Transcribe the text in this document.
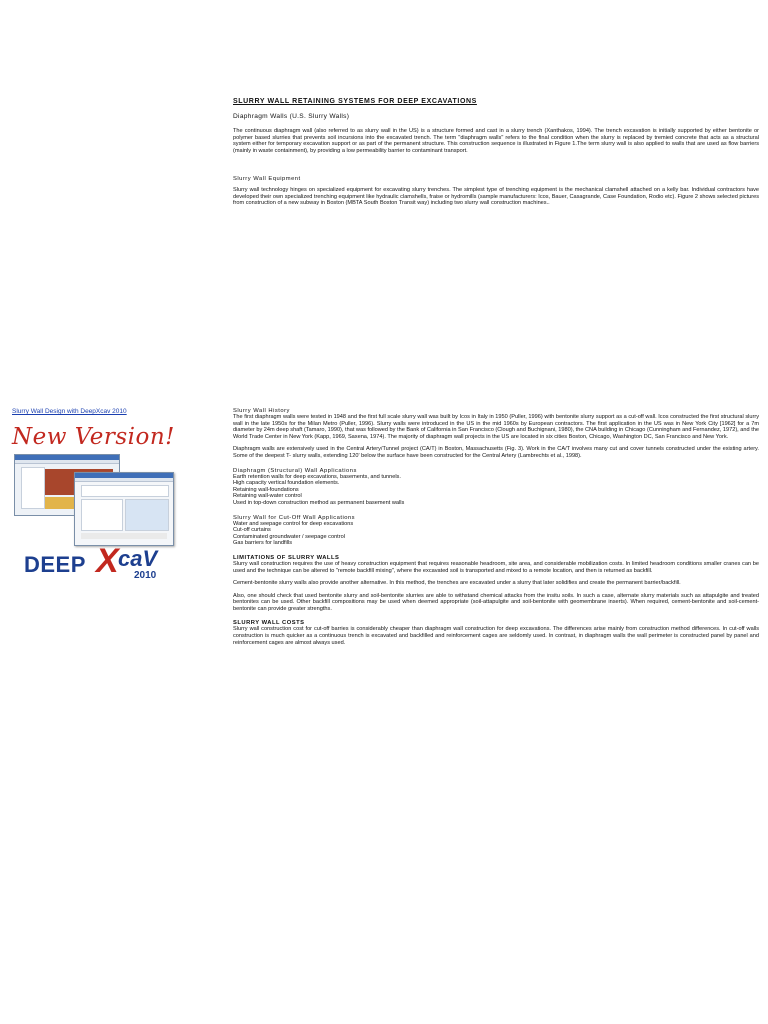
SLURRY WALL RETAINING SYSTEMS FOR DEEP EXCAVATIONS

Diaphragm Walls (U.S. Slurry Walls)

The continuous diaphragm wall (also referred to as slurry wall in the US) is a structure formed and cast in a slurry trench (Xanthakos, 1994). The trench excavation is initially supported by either bentonite or polymer based slurries that prevents soil incursions into the excavated trench. The term "diaphragm walls" refers to the final condition when the slurry is replaced by tremied concrete that acts as a structural system either for temporary excavation support or as part of the permanent structure. This construction sequence is illustrated in Figure 1.The term slurry wall is also applied to walls that are used as flow barriers (mainly in waste containment), by providing a low permeability barrier to contaminant transport.

Slurry Wall Equipment

Slurry wall technology hinges on specialized equipment for excavating slurry trenches. The simplest type of trenching equipment is the mechanical clamshell attached on a kelly bar. Individual contractors have developed their own specialized trenching equipment like hydraulic clamshells, fraise or hydromills (sample manufacturers: Icos, Bauer, Casagrande, Case Foundation, Rodio etc). Figure 2 shows selected pictures from construction of a new subway in Boston (MBTA South Boston Transit way) including two slurry wall construction machines..

Slurry Wall History

The first diaphragm walls were tested in 1948 and the first full scale slurry wall was built by Icos in Italy in 1950 (Puller, 1996) with bentonite slurry support as a cut-off wall. Icos constructed the first structural slurry wall in the late 1950s for the Milan Metro (Puller, 1996). Slurry walls were introduced in the US in the mid 1960s by European contractors. The first application in the US was in New York City [1962] for a 7m diameter by 24m deep shaft (Tamaro, 1990), that was followed by the Bank of California in San Francisco (Clough and Buchignani, 1980), the CNA building in Chicago (Cunningham and Fernandez, 1972), and the World Trade Center in New York (Kapp, 1969, Saxena, 1974). The majority of diaphragm wall projects in the US are located in six cities Boston, Chicago, Washington DC, San Francisco and New York.

Diaphragm walls are extensively used in the Central Artery/Tunnel project (CA/T) in Boston, Massachusetts (Fig. 3). Work in the CA/T involves many cut and cover tunnels constructed under the existing artery. Some of the deepest T- slurry walls, extending 120' below the surface have been constructed for the Central Artery (Lambrechts et al., 1998).

Diaphragm (Structural) Wall Applications

Earth retention walls for deep excavations, basements, and tunnels.

High capacity vertical foundation elements.

Retaining wall-foundations

Retaining wall-water control

Used in top-down construction method as permanent basement walls

Slurry Wall for Cut-Off Wall Applications

Water and seepage control for deep excavations

Cut-off curtains

Contaminated groundwater / seepage control

Gas barriers for landfills

LIMITATIONS OF SLURRY WALLS

Slurry wall construction requires the use of heavy construction equipment that requires reasonable headroom, site area, and considerable mobilization costs. In limited headroom conditions smaller cranes can be used and the technique can be altered to "remote backfill mixing", where the excavated soil is transported and mixed to a remote location, and then is returned as backfill.

Cement-bentonite slurry walls also provide another alternative. In this method, the trenches are excavated under a slurry that later solidifies and create the permanent barrier/backfill.

Also, one should check that used bentonite slurry and soil-bentonite slurries are able to withstand chemical attacks from the insitu soils. In such a case, alternate slurry materials such as attapulgite and treated bentonites can be used. Other backfill compositions may be used when deemed appropriate (soil-attapulgite and soil-bentonite with geomembrane inserts). When required, cement-bentonite and soil-cement-bentonite can provide greater strengths.

SLURRY WALL COSTS

Slurry wall construction cost for cut-off barries is considerably cheaper than diaphragm wall construction for deep excavations. The differences arise mainly from construction method differences. In cut-off walls construction is much quicker as a continuous trench is excavated and backfilled and reinforcement cages are seldomly used. In contrast, in diaphragm walls the wall perimeter is constructed panel by panel and reinforcement cages are almost always used.

Slurry Wall Design with DeepXcav 2010
New Version!
DEEP X caV
2010
